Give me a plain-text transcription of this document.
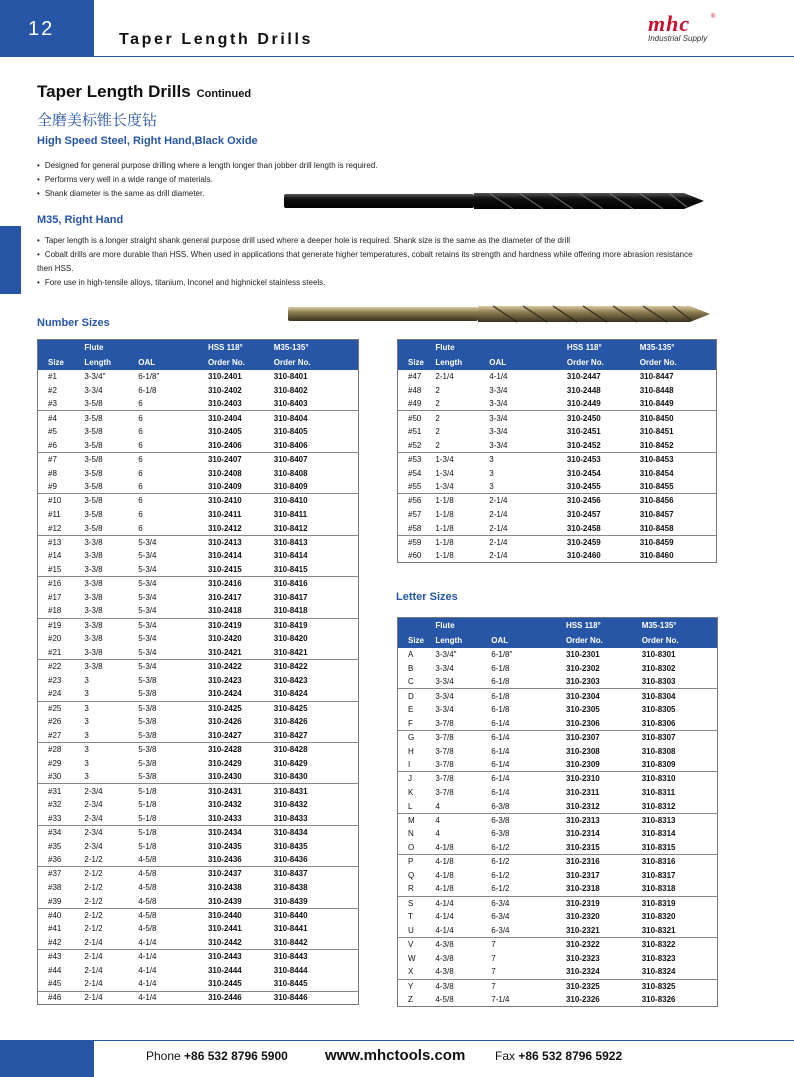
12	Taper Length Drills
mhc	®
Industrial Supply
Taper Length Drills Continued
全磨美标锥长度钻
High Speed Steel, Right Hand,Black Oxide
• Designed for general purpose drilling where a length longer than jobber drill length is required.
• Performs very well in a wide range of materials.
• Shank diameter is the same as drill diameter.
M35, Right Hand
• Taper length is a longer straight shank general purpose drill used where a deeper hole is required. Shank size is the same as the diameter of the drill
• Cobalt drills are more durable than HSS. When used in applications that generate higher temperatures, cobalt retains its strength and hardness while offering more abrasion resistance then HSS.
• Fore use in high-tensile alloys, titanium, Inconel and highnickel stainless steels.
Number Sizes
Letter Sizes
	Flute		HSS 118°	M35-135°
Size	Length	OAL	Order No.	Order No.
#1	3-3/4"	6-1/8"	310-2401	310-8401
#2	3-3/4	6-1/8	310-2402	310-8402
#3	3-5/8	6	310-2403	310-8403
#4	3-5/8	6	310-2404	310-8404
#5	3-5/8	6	310-2405	310-8405
#6	3-5/8	6	310-2406	310-8406
#7	3-5/8	6	310-2407	310-8407
#8	3-5/8	6	310-2408	310-8408
#9	3-5/8	6	310-2409	310-8409
#10	3-5/8	6	310-2410	310-8410
#11	3-5/8	6	310-2411	310-8411
#12	3-5/8	6	310-2412	310-8412
#13	3-3/8	5-3/4	310-2413	310-8413
#14	3-3/8	5-3/4	310-2414	310-8414
#15	3-3/8	5-3/4	310-2415	310-8415
#16	3-3/8	5-3/4	310-2416	310-8416
#17	3-3/8	5-3/4	310-2417	310-8417
#18	3-3/8	5-3/4	310-2418	310-8418
#19	3-3/8	5-3/4	310-2419	310-8419
#20	3-3/8	5-3/4	310-2420	310-8420
#21	3-3/8	5-3/4	310-2421	310-8421
#22	3-3/8	5-3/4	310-2422	310-8422
#23	3	5-3/8	310-2423	310-8423
#24	3	5-3/8	310-2424	310-8424
#25	3	5-3/8	310-2425	310-8425
#26	3	5-3/8	310-2426	310-8426
#27	3	5-3/8	310-2427	310-8427
#28	3	5-3/8	310-2428	310-8428
#29	3	5-3/8	310-2429	310-8429
#30	3	5-3/8	310-2430	310-8430
#31	2-3/4	5-1/8	310-2431	310-8431
#32	2-3/4	5-1/8	310-2432	310-8432
#33	2-3/4	5-1/8	310-2433	310-8433
#34	2-3/4	5-1/8	310-2434	310-8434
#35	2-3/4	5-1/8	310-2435	310-8435
#36	2-1/2	4-5/8	310-2436	310-8436
#37	2-1/2	4-5/8	310-2437	310-8437
#38	2-1/2	4-5/8	310-2438	310-8438
#39	2-1/2	4-5/8	310-2439	310-8439
#40	2-1/2	4-5/8	310-2440	310-8440
#41	2-1/2	4-5/8	310-2441	310-8441
#42	2-1/4	4-1/4	310-2442	310-8442
#43	2-1/4	4-1/4	310-2443	310-8443
#44	2-1/4	4-1/4	310-2444	310-8444
#45	2-1/4	4-1/4	310-2445	310-8445
#46	2-1/4	4-1/4	310-2446	310-8446
	Flute		HSS 118°	M35-135°
Size	Length	OAL	Order No.	Order No.
#47	2-1/4	4-1/4	310-2447	310-8447
#48	2	3-3/4	310-2448	310-8448
#49	2	3-3/4	310-2449	310-8449
#50	2	3-3/4	310-2450	310-8450
#51	2	3-3/4	310-2451	310-8451
#52	2	3-3/4	310-2452	310-8452
#53	1-3/4	3	310-2453	310-8453
#54	1-3/4	3	310-2454	310-8454
#55	1-3/4	3	310-2455	310-8455
#56	1-1/8	2-1/4	310-2456	310-8456
#57	1-1/8	2-1/4	310-2457	310-8457
#58	1-1/8	2-1/4	310-2458	310-8458
#59	1-1/8	2-1/4	310-2459	310-8459
#60	1-1/8	2-1/4	310-2460	310-8460
	Flute		HSS 118°	M35-135°
Size	Length	OAL	Order No.	Order No.
A	3-3/4"	6-1/8"	310-2301	310-8301
B	3-3/4	6-1/8	310-2302	310-8302
C	3-3/4	6-1/8	310-2303	310-8303
D	3-3/4	6-1/8	310-2304	310-8304
E	3-3/4	6-1/8	310-2305	310-8305
F	3-7/8	6-1/4	310-2306	310-8306
G	3-7/8	6-1/4	310-2307	310-8307
H	3-7/8	6-1/4	310-2308	310-8308
I	3-7/8	6-1/4	310-2309	310-8309
J	3-7/8	6-1/4	310-2310	310-8310
K	3-7/8	6-1/4	310-2311	310-8311
L	4	6-3/8	310-2312	310-8312
M	4	6-3/8	310-2313	310-8313
N	4	6-3/8	310-2314	310-8314
O	4-1/8	6-1/2	310-2315	310-8315
P	4-1/8	6-1/2	310-2316	310-8316
Q	4-1/8	6-1/2	310-2317	310-8317
R	4-1/8	6-1/2	310-2318	310-8318
S	4-1/4	6-3/4	310-2319	310-8319
T	4-1/4	6-3/4	310-2320	310-8320
U	4-1/4	6-3/4	310-2321	310-8321
V	4-3/8	7	310-2322	310-8322
W	4-3/8	7	310-2323	310-8323
X	4-3/8	7	310-2324	310-8324
Y	4-3/8	7	310-2325	310-8325
Z	4-5/8	7-1/4	310-2326	310-8326
Phone +86 532 8796 5900 www.mhctools.com Fax +86 532 8796 5922
